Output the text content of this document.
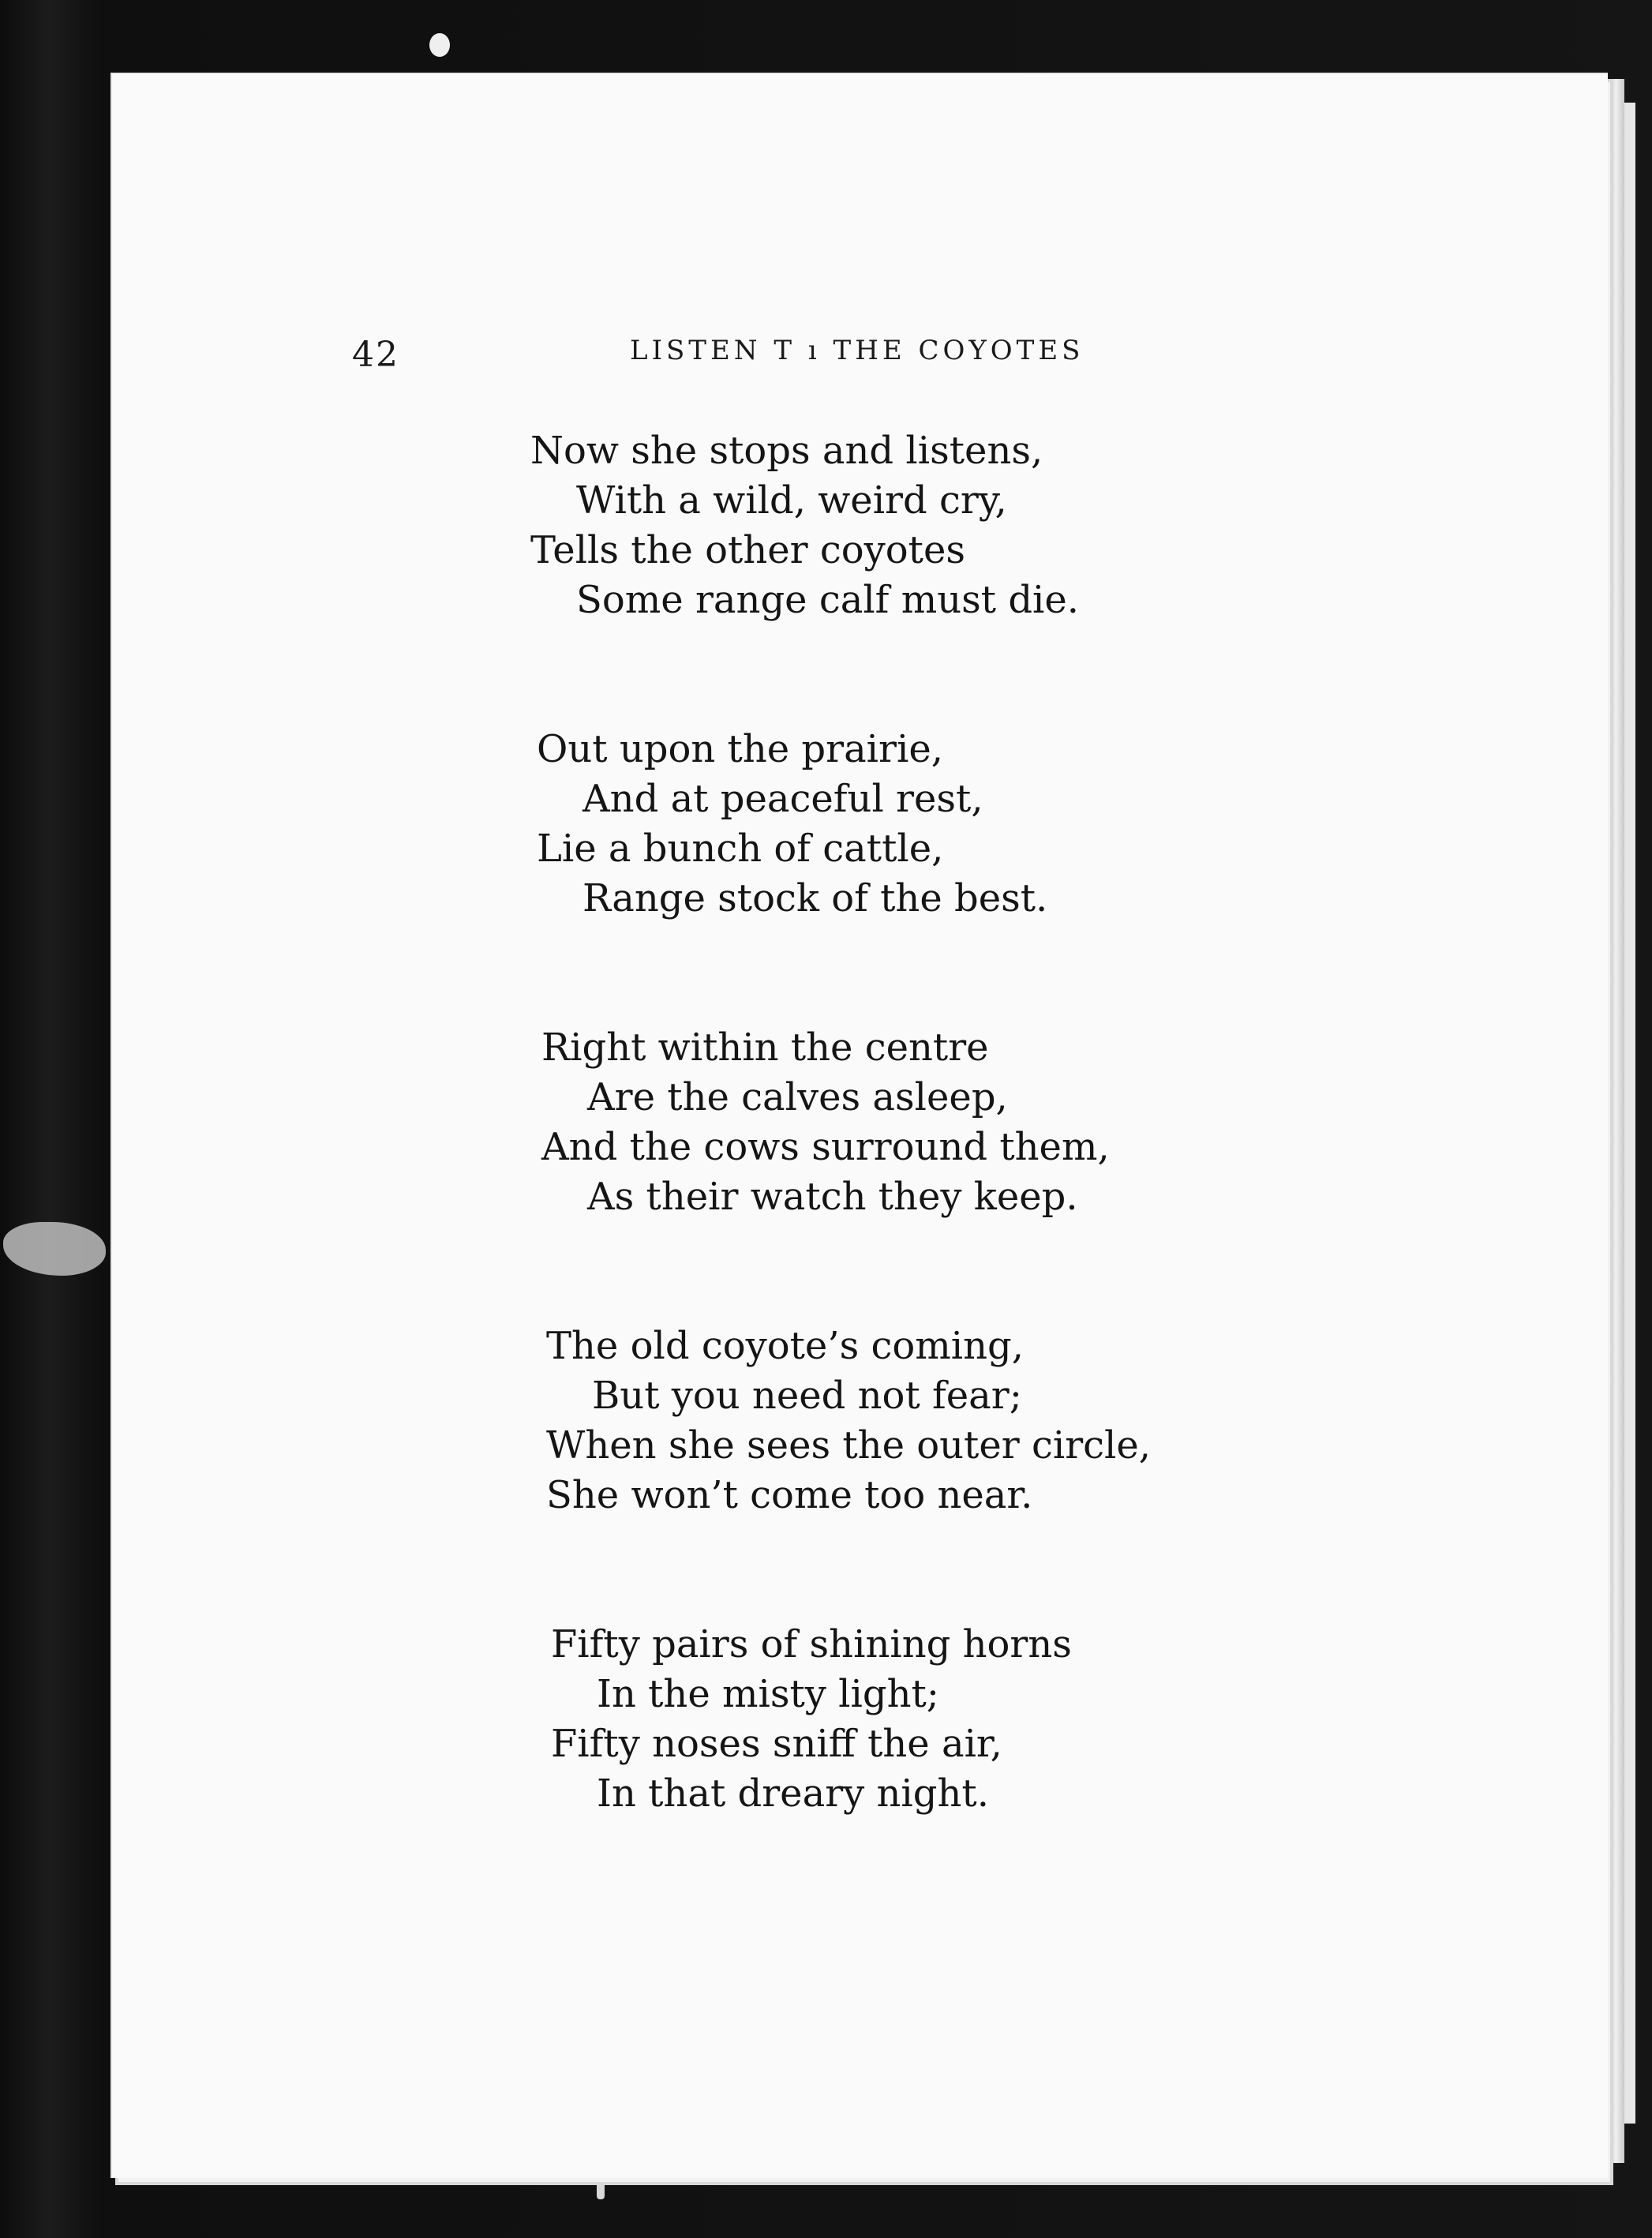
42	LISTEN T ı THE COYOTES
Now she stops and listens,
With a wild, weird cry,
Tells the other coyotes
Some range calf must die.
Out upon the prairie,
And at peaceful rest,
Lie a bunch of cattle,
Range stock of the best.
Right within the centre
Are the calves asleep,
And the cows surround them,
As their watch they keep.
The old coyote’s coming,
But you need not fear;
When she sees the outer circle,
She won’t come too near.
Fifty pairs of shining horns
In the misty light;
Fifty noses sniff the air,
In that dreary night.
